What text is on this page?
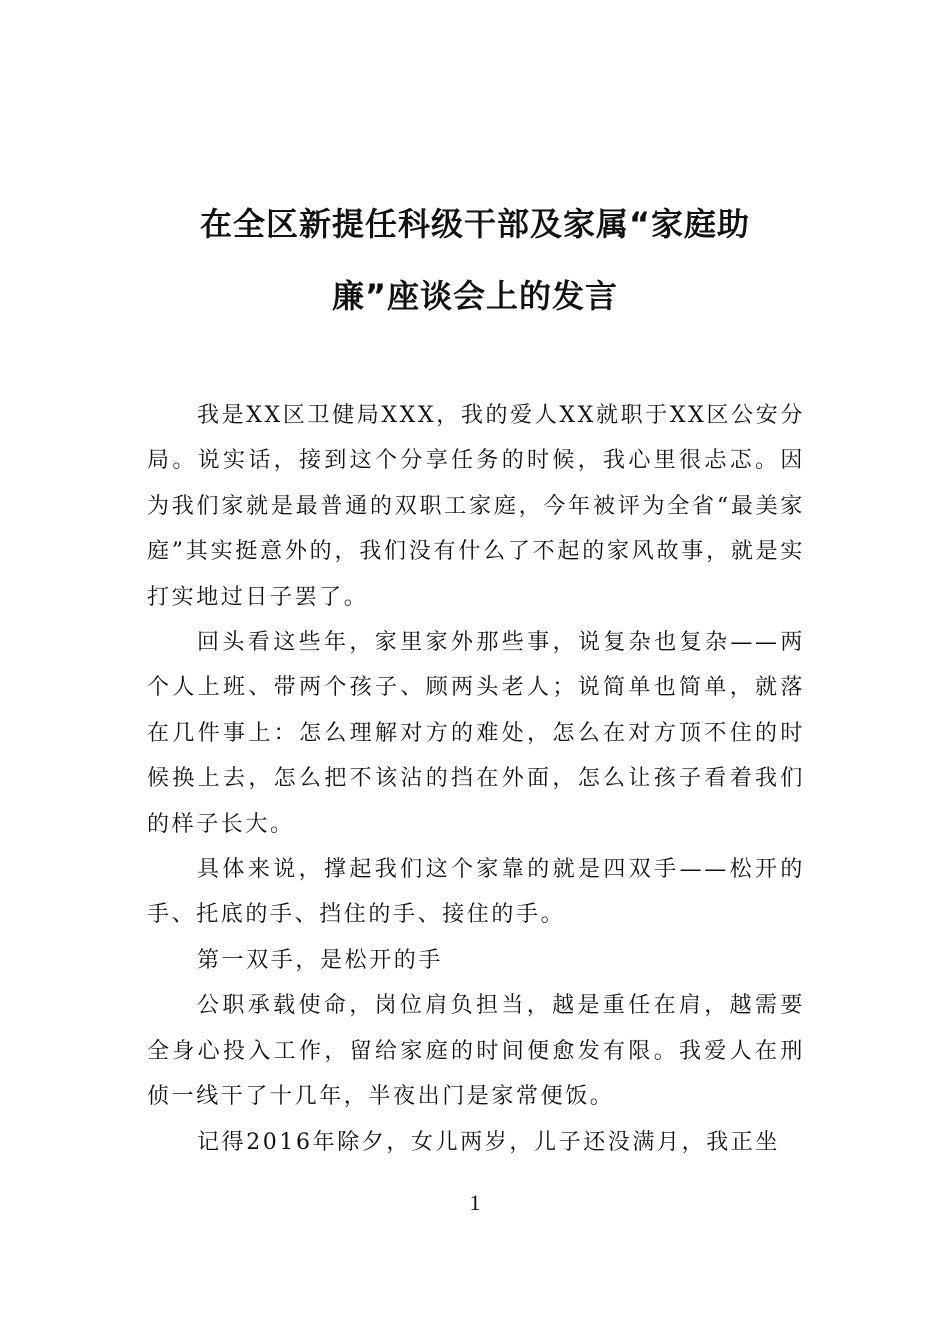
在全区新提任科级干部及家属“家庭助
廉”座谈会上的发言

我是XX区卫健局XXX，我的爱人XX就职于XX区公安分局。说实话，接到这个分享任务的时候，我心里很忐忑。因为我们家就是最普通的双职工家庭，今年被评为全省“最美家庭”其实挺意外的，我们没有什么了不起的家风故事，就是实打实地过日子罢了。

回头看这些年，家里家外那些事，说复杂也复杂——两个人上班、带两个孩子、顾两头老人；说简单也简单，就落在几件事上：怎么理解对方的难处，怎么在对方顶不住的时候换上去，怎么把不该沾的挡在外面，怎么让孩子看着我们的样子长大。

具体来说，撑起我们这个家靠的就是四双手——松开的手、托底的手、挡住的手、接住的手。

第一双手，是松开的手

公职承载使命，岗位肩负担当，越是重任在肩，越需要全身心投入工作，留给家庭的时间便愈发有限。我爱人在刑侦一线干了十几年，半夜出门是家常便饭。

记得2016年除夕，女儿两岁，儿子还没满月，我正坐

1
